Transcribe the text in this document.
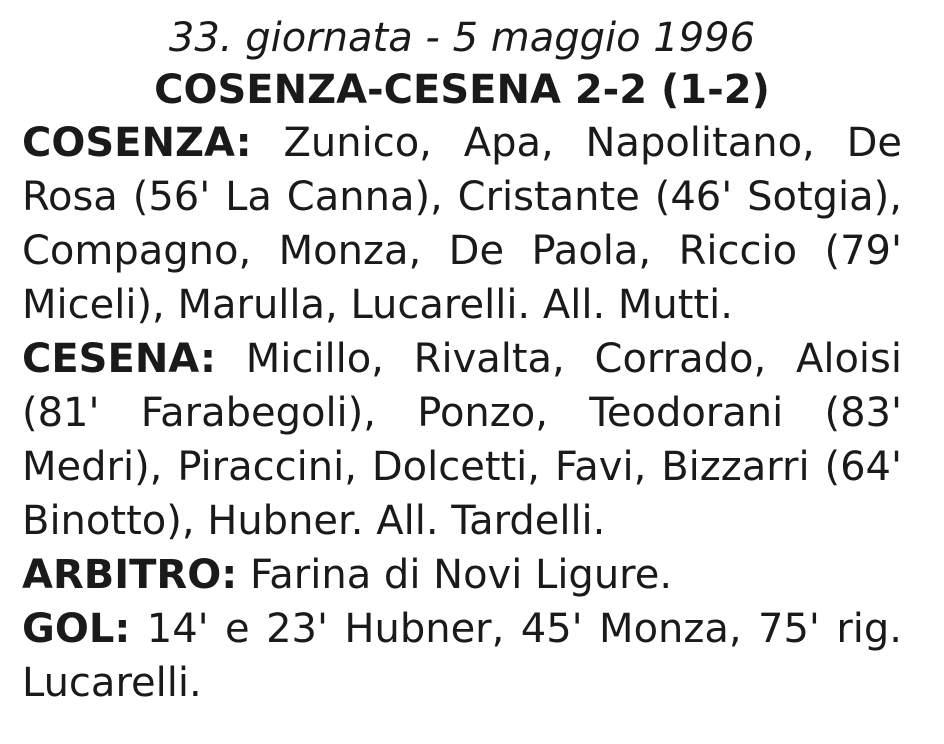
33. giornata - 5 maggio 1996

COSENZA-CESENA 2-2 (1-2)

COSENZA: Zunico, Apa, Napolitano, De Rosa (56' La Canna), Cristante (46' Sotgia), Compagno, Monza, De Paola, Riccio (79' Miceli), Marulla, Lucarelli. All. Mutti.

CESENA: Micillo, Rivalta, Corrado, Aloisi (81' Farabegoli), Ponzo, Teodorani (83' Medri), Piraccini, Dolcetti, Favi, Bizzarri (64' Binotto), Hubner. All. Tardelli.

ARBITRO: Farina di Novi Ligure.

GOL: 14' e 23' Hubner, 45' Monza, 75' rig. Lucarelli.
